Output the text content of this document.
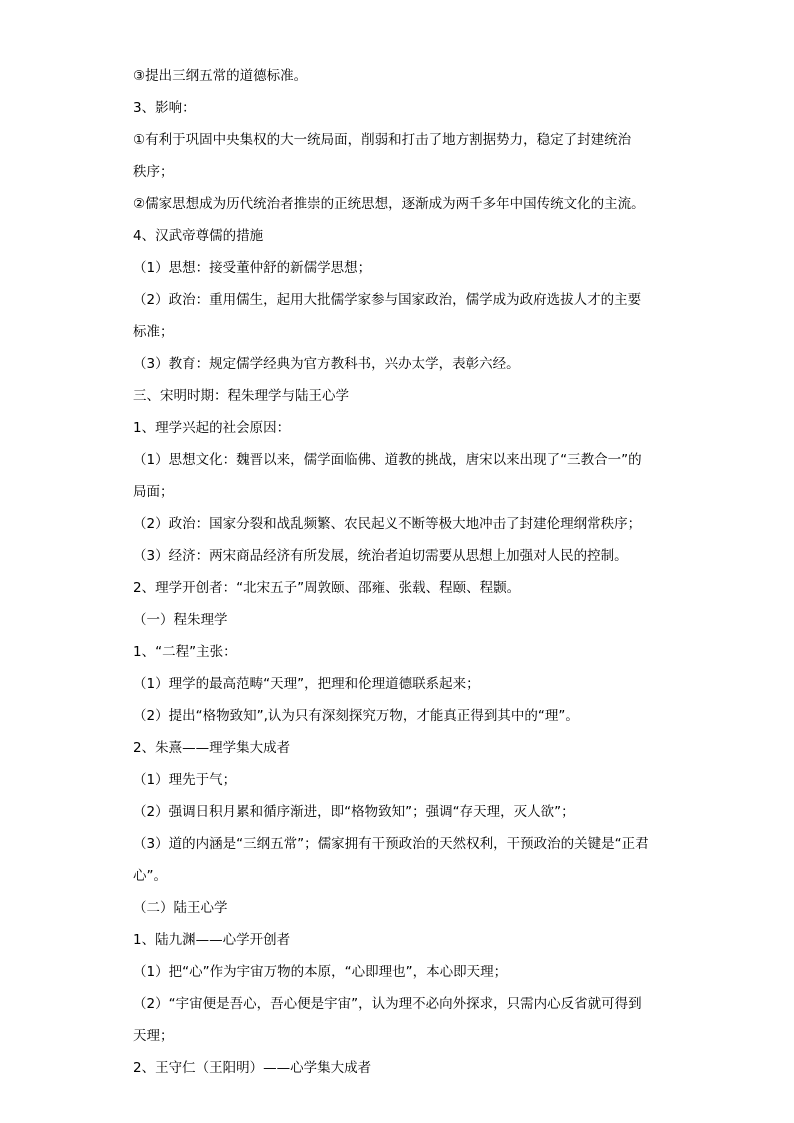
③提出三纲五常的道德标准。
3、影响：
①有利于巩固中央集权的大一统局面，削弱和打击了地方割据势力，稳定了封建统治
秩序；
②儒家思想成为历代统治者推崇的正统思想，逐渐成为两千多年中国传统文化的主流。
4、汉武帝尊儒的措施
（1）思想：接受董仲舒的新儒学思想；
（2）政治：重用儒生，起用大批儒学家参与国家政治，儒学成为政府选拔人才的主要
标准；
（3）教育：规定儒学经典为官方教科书，兴办太学，表彰六经。
三、宋明时期：程朱理学与陆王心学
1、理学兴起的社会原因：
（1）思想文化：魏晋以来，儒学面临佛、道教的挑战，唐宋以来出现了“三教合一”的
局面；
（2）政治：国家分裂和战乱频繁、农民起义不断等极大地冲击了封建伦理纲常秩序；
（3）经济：两宋商品经济有所发展，统治者迫切需要从思想上加强对人民的控制。
2、理学开创者：“北宋五子”周敦颐、邵雍、张载、程颐、程颢。
（一）程朱理学
1、“二程”主张：
（1）理学的最高范畴“天理”，把理和伦理道德联系起来；
（2）提出“格物致知”,认为只有深刻探究万物，才能真正得到其中的“理”。
2、朱熹——理学集大成者
（1）理先于气；
（2）强调日积月累和循序渐进，即“格物致知”；强调“存天理，灭人欲”；
（3）道的内涵是“三纲五常”；儒家拥有干预政治的天然权利，干预政治的关键是“正君
心”。
（二）陆王心学
1、陆九渊——心学开创者
（1）把“心”作为宇宙万物的本原，“心即理也”，本心即天理；
（2）“宇宙便是吾心，吾心便是宇宙”，认为理不必向外探求，只需内心反省就可得到
天理；
2、王守仁（王阳明）——心学集大成者
